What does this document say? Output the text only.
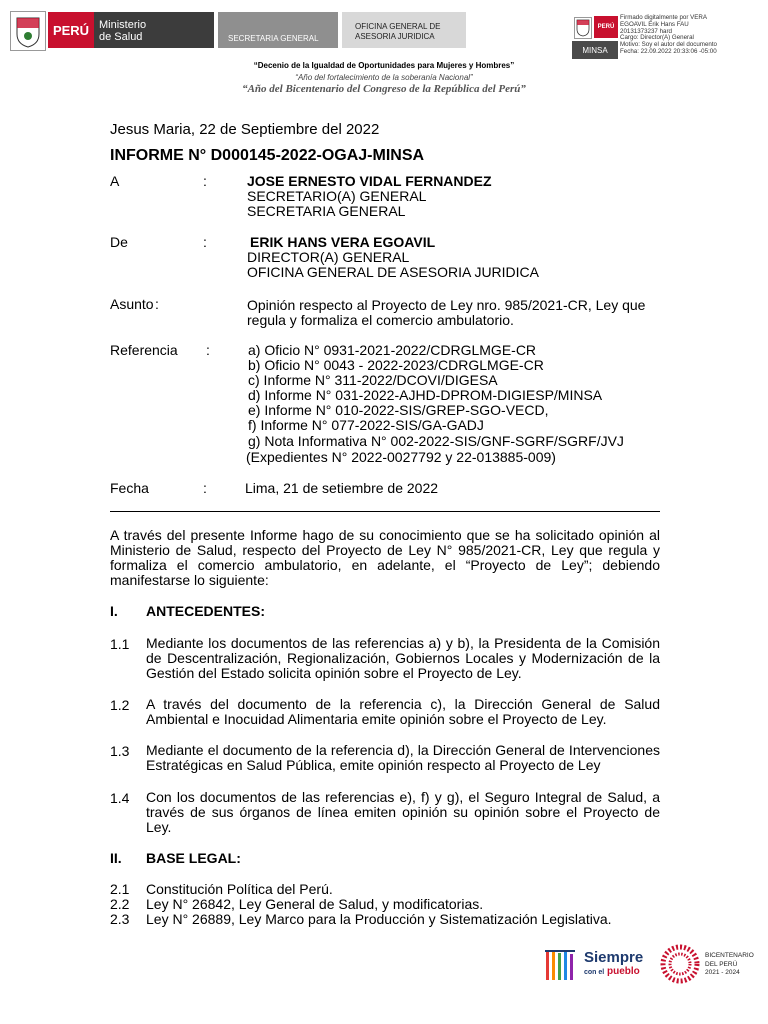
PERÚ Ministerio
de Salud	SECRETARIA GENERAL
OFICINA GENERAL DE
ASESORIA JURIDICA
PERÚ
MINSA
Firmado digitalmente por VERA
EGOAVIL Erik Hans FAU
20131373237 hard
Cargo: Director(A) General
Motivo: Soy el autor del documento
Fecha: 22.09.2022 20:33:06 -05:00
“Decenio de la Igualdad de Oportunidades para Mujeres y Hombres”
“Año del fortalecimiento de la soberanía Nacional”
“Año del Bicentenario del Congreso de la República del Perú”
Jesus Maria, 22 de Septiembre del 2022
INFORME N° D000145-2022-OGAJ-MINSA
A	:	JOSE ERNESTO VIDAL FERNANDEZ
SECRETARIO(A) GENERAL
SECRETARIA GENERAL
De	:	ERIK HANS VERA EGOAVIL
DIRECTOR(A) GENERAL
OFICINA GENERAL DE ASESORIA JURIDICA
Asunto :	Opinión respecto al Proyecto de Ley nro. 985/2021-CR, Ley que
regula y formaliza el comercio ambulatorio.
Referencia :	a) Oficio N° 0931-2021-2022/CDRGLMGE-CR
b) Oficio N° 0043 - 2022-2023/CDRGLMGE-CR
c) Informe N° 311-2022/DCOVI/DIGESA
d) Informe N° 031-2022-AJHD-DPROM-DIGIESP/MINSA
e) Informe N° 010-2022-SIS/GREP-SGO-VECD,
f) Informe N° 077-2022-SIS/GA-GADJ
g) Nota Informativa N° 002-2022-SIS/GNF-SGRF/SGRF/JVJ
(Expedientes N° 2022-0027792 y 22-013885-009)
Fecha	:	Lima, 21 de setiembre de 2022
A través del presente Informe hago de su conocimiento que se ha solicitado opinión al Ministerio de Salud, respecto del Proyecto de Ley N° 985/2021-CR, Ley que regula y formaliza el comercio ambulatorio, en adelante, el “Proyecto de Ley”; debiendo manifestarse lo siguiente:
I. ANTECEDENTES:
1.1 Mediante los documentos de las referencias a) y b), la Presidenta de la Comisión de Descentralización, Regionalización, Gobiernos Locales y Modernización de la Gestión del Estado solicita opinión sobre el Proyecto de Ley.
1.2 A través del documento de la referencia c), la Dirección General de Salud Ambiental e Inocuidad Alimentaria emite opinión sobre el Proyecto de Ley.
1.3 Mediante el documento de la referencia d), la Dirección General de Intervenciones Estratégicas en Salud Pública, emite opinión respecto al Proyecto de Ley
1.4 Con los documentos de las referencias e), f) y g), el Seguro Integral de Salud, a través de sus órganos de línea emiten opinión su opinión sobre el Proyecto de Ley.
II. BASE LEGAL:
2.1 Constitución Política del Perú.
2.2 Ley N° 26842, Ley General de Salud, y modificatorias.
2.3 Ley N° 26889, Ley Marco para la Producción y Sistematización Legislativa.
Siempre
con el pueblo
BICENTENARIO
DEL PERÚ
2021 - 2024
